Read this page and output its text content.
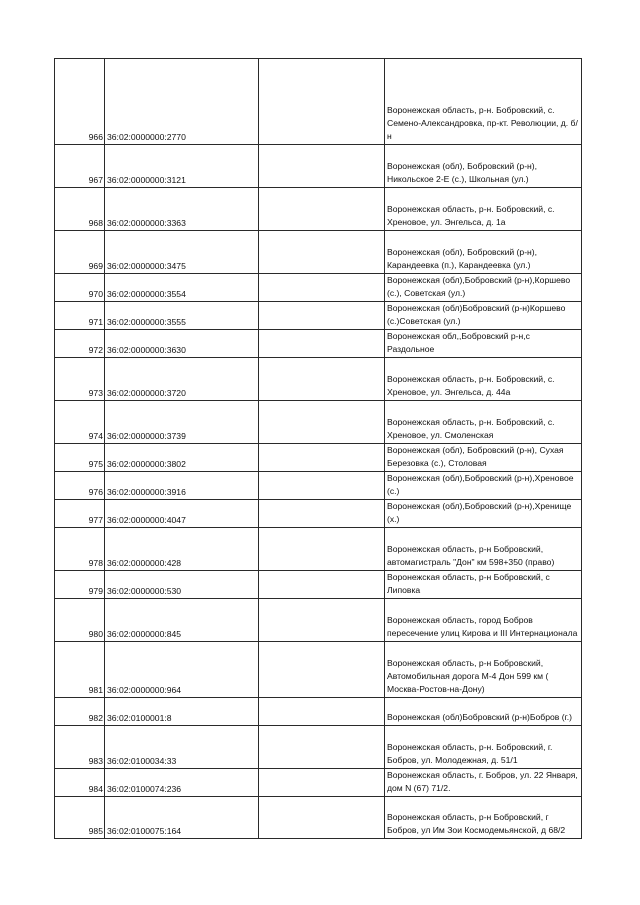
966	36:02:0000000:2770		Воронежская область, р-н. Бобровский, с. Семено-Александровка, пр-кт. Революции, д. б/н
967	36:02:0000000:3121		Воронежская (обл), Бобровский (р-н), Никольское 2-Е (с.), Школьная (ул.)
968	36:02:0000000:3363		Воронежская область, р-н. Бобровский, с. Хреновое, ул. Энгельса, д. 1а
969	36:02:0000000:3475		Воронежская (обл), Бобровский (р-н), Карандеевка (п.), Карандеевка (ул.)
970	36:02:0000000:3554		Воронежская (обл),Бобровский (р-н),Коршево (с.), Советская (ул.)
971	36:02:0000000:3555		Воронежская (обл)Бобровский (р-н)Коршево (с.)Советская (ул.)
972	36:02:0000000:3630		Воронежская обл,,Бобровский р-н,с Раздольное
973	36:02:0000000:3720		Воронежская область, р-н. Бобровский, с. Хреновое, ул. Энгельса, д. 44а
974	36:02:0000000:3739		Воронежская область, р-н. Бобровский, с. Хреновое, ул. Смоленская
975	36:02:0000000:3802		Воронежская (обл), Бобровский (р-н), Сухая Березовка (с.), Столовая
976	36:02:0000000:3916		Воронежская (обл),Бобровский (р-н),Хреновое (с.)
977	36:02:0000000:4047		Воронежская (обл),Бобровский (р-н),Хренище (х.)
978	36:02:0000000:428		Воронежская область, р-н Бобровский, автомагистраль "Дон" км 598+350 (право)
979	36:02:0000000:530		Воронежская область, р-н Бобровский, с Липовка
980	36:02:0000000:845		Воронежская область, город Бобров пересечение улиц Кирова и III Интернационала
981	36:02:0000000:964		Воронежская область, р-н Бобровский, Автомобильная дорога М-4 Дон 599 км ( Москва-Ростов-на-Дону)
982	36:02:0100001:8		Воронежская (обл)Бобровский (р-н)Бобров (г.)
983	36:02:0100034:33		Воронежская область, р-н. Бобровский, г. Бобров, ул. Молодежная, д. 51/1
984	36:02:0100074:236		Воронежская область, г. Бобров, ул. 22 Января, дом N (67) 71/2.
985	36:02:0100075:164		Воронежская область, р-н Бобровский, г Бобров, ул Им Зои Космодемьянской, д 68/2
